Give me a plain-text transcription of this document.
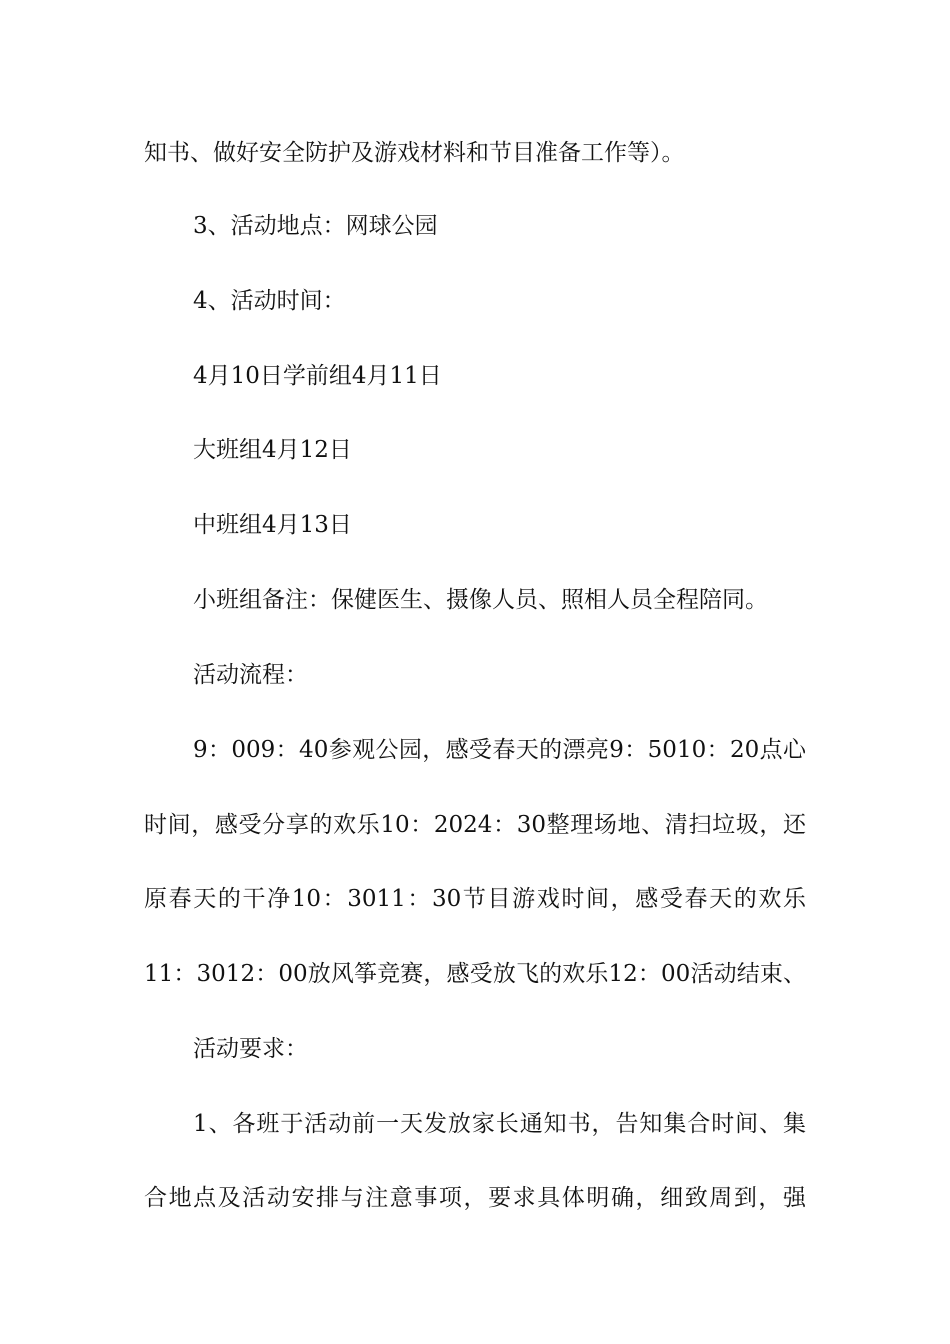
知书、做好安全防护及游戏材料和节目准备工作等）。

3、活动地点：网球公园

4、活动时间：

4月10日学前组4月11日

大班组4月12日

中班组4月13日

小班组备注：保健医生、摄像人员、照相人员全程陪同。

活动流程：

9：009：40参观公园，感受春天的漂亮9：5010：20点心

时间，感受分享的欢乐10：2024：30整理场地、清扫垃圾，还

原春天的干净10：3011：30节目游戏时间，感受春天的欢乐

11：3012：00放风筝竞赛，感受放飞的欢乐12：00活动结束、

活动要求：

1、各班于活动前一天发放家长通知书，告知集合时间、集

合地点及活动安排与注意事项，要求具体明确，细致周到，强
